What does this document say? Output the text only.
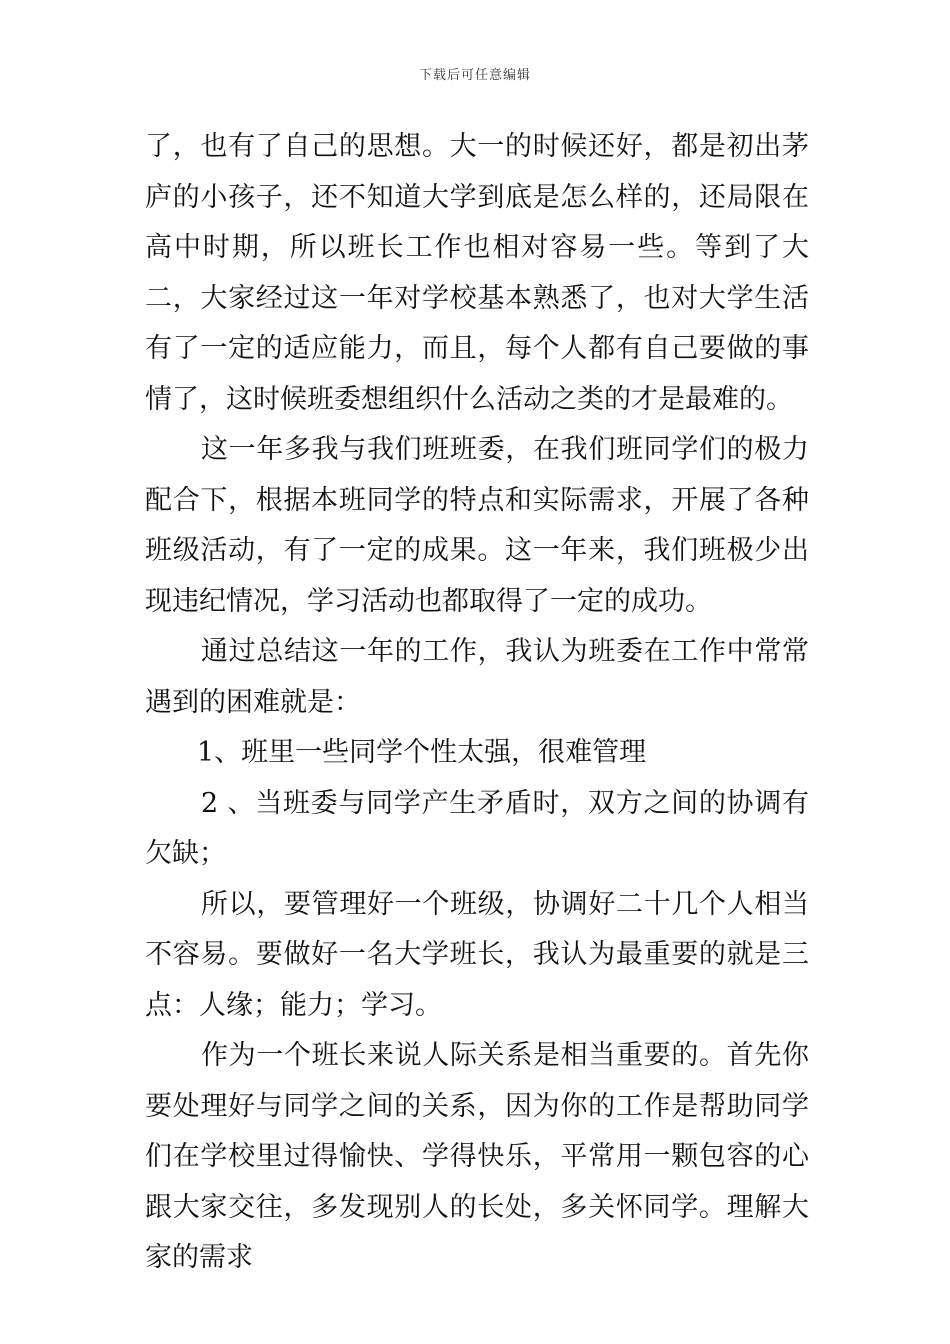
下载后可任意编辑

了，也有了自己的思想。大一的时候还好，都是初出茅庐的小孩子，还不知道大学到底是怎么样的，还局限在高中时期，所以班长工作也相对容易一些。等到了大二，大家经过这一年对学校基本熟悉了，也对大学生活有了一定的适应能力，而且，每个人都有自己要做的事情了，这时候班委想组织什么活动之类的才是最难的。

这一年多我与我们班班委，在我们班同学们的极力配合下，根据本班同学的特点和实际需求，开展了各种班级活动，有了一定的成果。这一年来，我们班极少出现违纪情况，学习活动也都取得了一定的成功。

通过总结这一年的工作，我认为班委在工作中常常遇到的困难就是：

1、班里一些同学个性太强，很难管理

2 、当班委与同学产生矛盾时，双方之间的协调有欠缺；

所以，要管理好一个班级，协调好二十几个人相当不容易。要做好一名大学班长，我认为最重要的就是三点：人缘；能力；学习。

作为一个班长来说人际关系是相当重要的。首先你要处理好与同学之间的关系，因为你的工作是帮助同学们在学校里过得愉快、学得快乐，平常用一颗包容的心跟大家交往，多发现别人的长处，多关怀同学。理解大家的需求
